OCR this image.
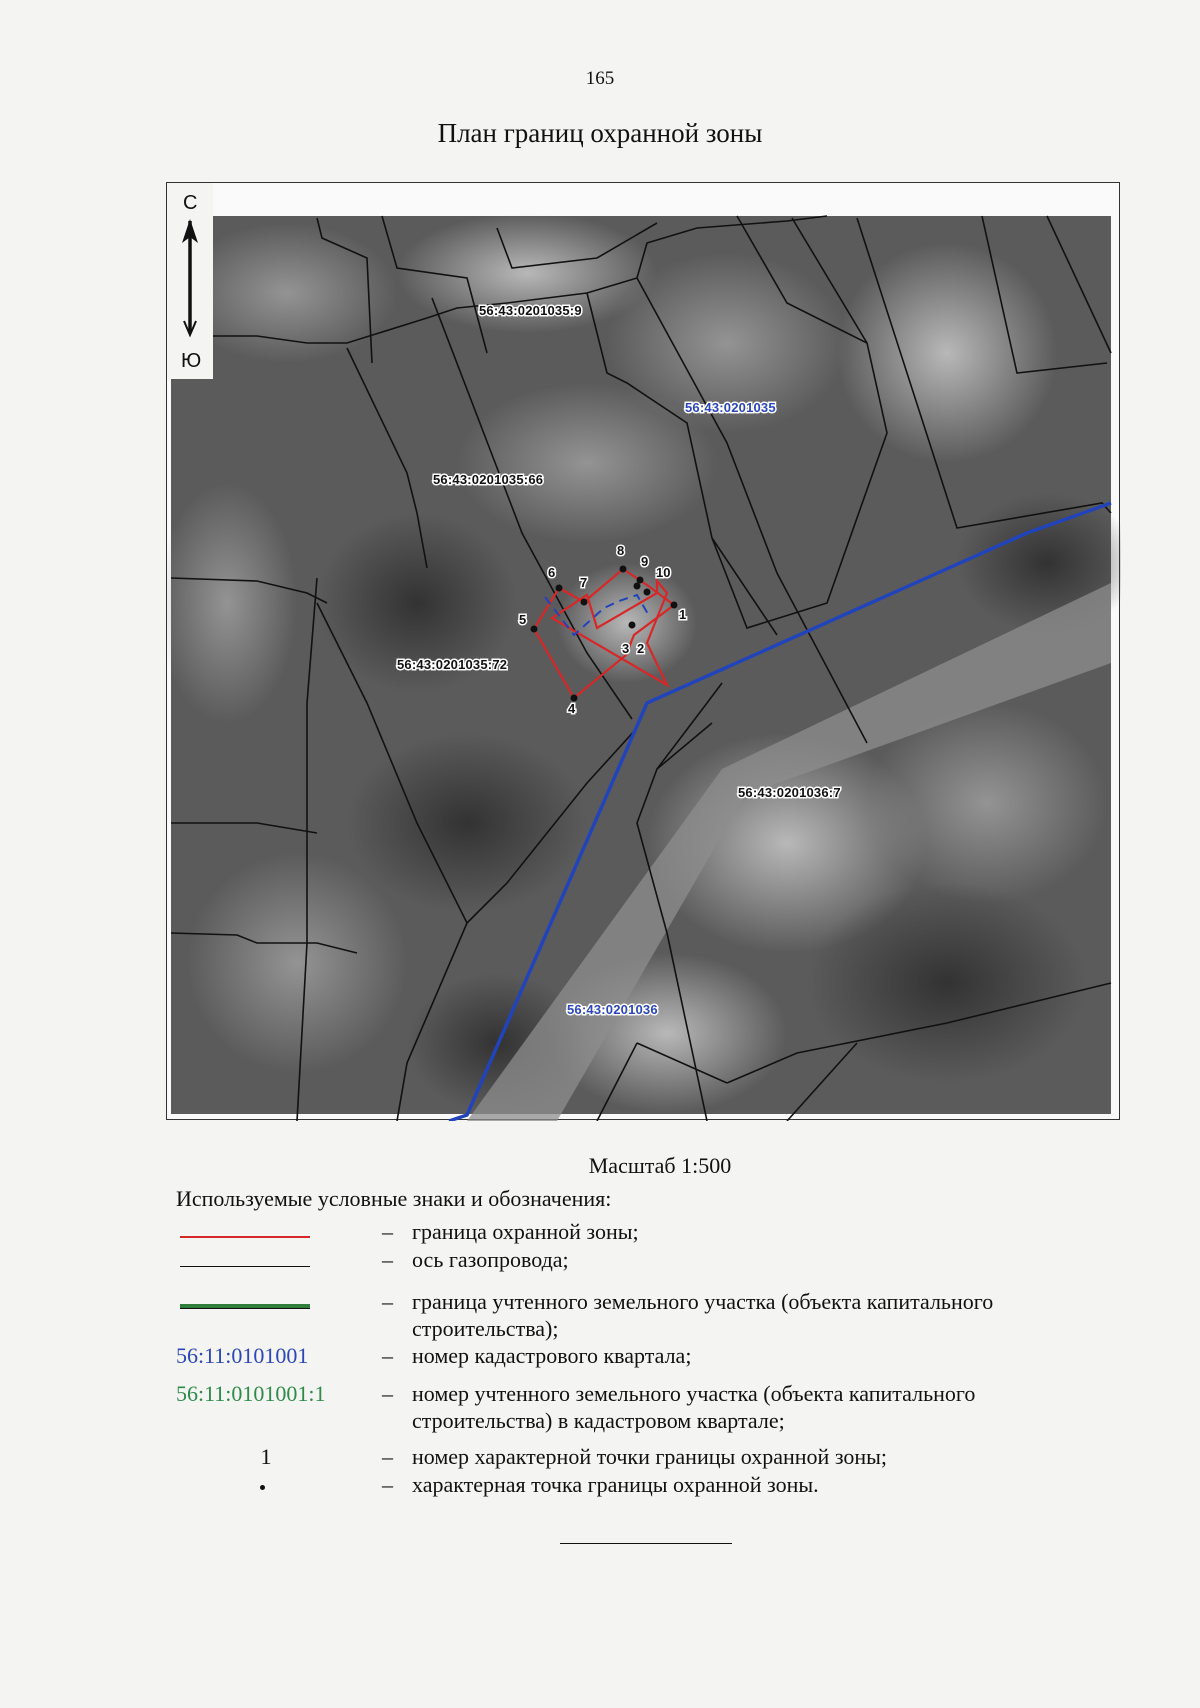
165
План границ охранной зоны
1
2
3
4
5
6
7
8
9
10
56:43:0201035:9
56:43:0201035
56:43:0201035:66
56:43:0201035:72
56:43:0201036:7
56:43:0201036
С
Ю
Масштаб 1:500
Используемые условные знаки и обозначения:
– граница охранной зоны;
– ось газопровода;
– граница учтенного земельного участка (объекта капитального строительства);
56:11:0101001	– номер кадастрового квартала;
56:11:0101001:1	– номер учтенного земельного участка (объекта капитального строительства) в кадастровом квартале;
1	– номер характерной точки границы охранной зоны;
– характерная точка границы охранной зоны.
